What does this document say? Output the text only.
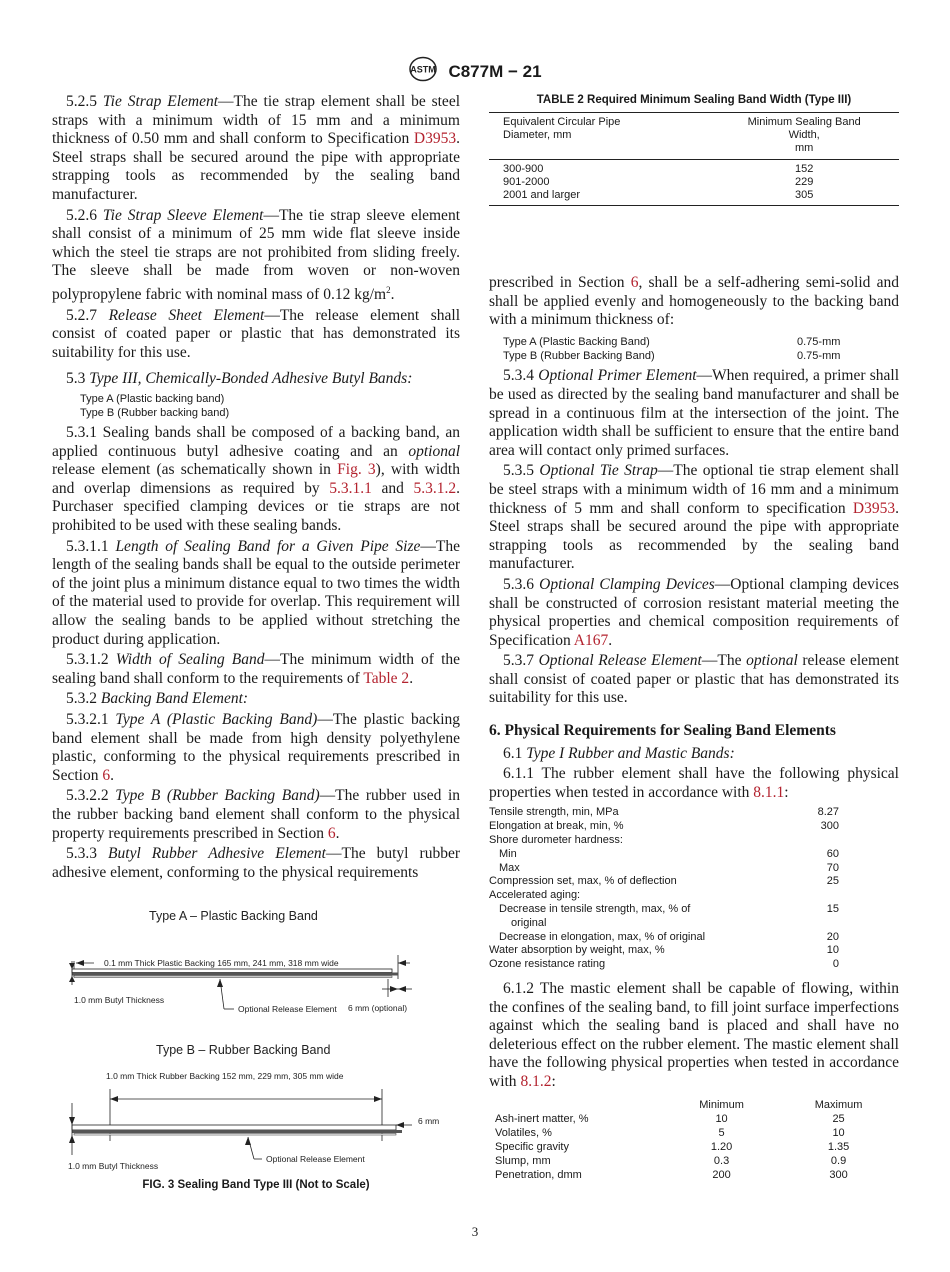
ASTM C877M − 21

5.2.5 Tie Strap Element—The tie strap element shall be steel straps with a minimum width of 15 mm and a minimum thickness of 0.50 mm and shall conform to Specification D3953. Steel straps shall be secured around the pipe with appropriate strapping tools as recommended by the sealing band manufacturer.

5.2.6 Tie Strap Sleeve Element—The tie strap sleeve element shall consist of a minimum of 25 mm wide flat sleeve inside which the steel tie straps are not prohibited from sliding freely. The sleeve shall be made from woven or non-woven polypropylene fabric with nominal mass of 0.12 $kg/m^2$.

5.2.7 Release Sheet Element—The release element shall consist of coated paper or plastic that has demonstrated its suitability for this use.

5.3 Type III, Chemically-Bonded Adhesive Butyl Bands:

Type A (Plastic backing band)
Type B (Rubber backing band)

5.3.1 Sealing bands shall be composed of a backing band, an applied continuous butyl adhesive coating and an optional release element (as schematically shown in Fig. 3), with width and overlap dimensions as required by 5.3.1.1 and 5.3.1.2. Purchaser specified clamping devices or tie straps are not prohibited to be used with these sealing bands.

5.3.1.1 Length of Sealing Band for a Given Pipe Size—The length of the sealing bands shall be equal to the outside perimeter of the joint plus a minimum distance equal to two times the width of the material used to provide for overlap. This requirement will allow the sealing bands to be applied without stretching the product during application.

5.3.1.2 Width of Sealing Band—The minimum width of the sealing band shall conform to the requirements of Table 2.

5.3.2 Backing Band Element:

5.3.2.1 Type A (Plastic Backing Band)—The plastic backing band element shall be made from high density polyethylene plastic, conforming to the physical requirements prescribed in Section 6.

5.3.2.2 Type B (Rubber Backing Band)—The rubber used in the rubber backing band element shall conform to the physical property requirements prescribed in Section 6.

5.3.3 Butyl Rubber Adhesive Element—The butyl rubber adhesive element, conforming to the physical requirements

TABLE 2 Required Minimum Sealing Band Width (Type III)
Equivalent Circular Pipe
Diameter, mm	Minimum Sealing Band
Width,
mm
300-900	152
901-2000	229
2001 and larger	305

prescribed in Section 6, shall be a self-adhering semi-solid and shall be applied evenly and homogeneously to the backing band with a minimum thickness of:

Type A (Plastic Backing Band)	0.75-mm
Type B (Rubber Backing Band)	0.75-mm

5.3.4 Optional Primer Element—When required, a primer shall be used as directed by the sealing band manufacturer and shall be spread in a continuous film at the intersection of the joint. The application width shall be sufficient to ensure that the entire band area will contact only primed surfaces.

5.3.5 Optional Tie Strap—The optional tie strap element shall be steel straps with a minimum width of 16 mm and a minimum thickness of 5 mm and shall conform to specification D3953. Steel straps shall be secured around the pipe with appropriate strapping tools as recommended by the sealing band manufacturer.

5.3.6 Optional Clamping Devices—Optional clamping devices shall be constructed of corrosion resistant material meeting the physical properties and chemical composition requirements of Specification A167.

5.3.7 Optional Release Element—The optional release element shall consist of coated paper or plastic that has demonstrated its suitability for this use.

6. Physical Requirements for Sealing Band Elements

6.1 Type I Rubber and Mastic Bands:

6.1.1 The rubber element shall have the following physical properties when tested in accordance with 8.1.1:

Tensile strength, min, MPa	8.27
Elongation at break, min, %	300
Shore durometer hardness:	
Min	60
Max	70
Compression set, max, % of deflection	25
Accelerated aging:	
Decrease in tensile strength, max, % of	15
original	
Decrease in elongation, max, % of original	20
Water absorption by weight, max, %	10
Ozone resistance rating	0

6.1.2 The mastic element shall be capable of flowing, within the confines of the sealing band, to fill joint surface imperfections against which the sealing band is placed and shall have no deleterious effect on the rubber element. The mastic element shall have the following physical properties when tested in accordance with 8.1.2:

	Minimum	Maximum
Ash-inert matter, %	10	25
Volatiles, %	5	10
Specific gravity	1.20	1.35
Slump, mm	0.3	0.9
Penetration, dmm	200	300
Type A – Plastic Backing Band
0.1 mm Thick Plastic Backing 165 mm, 241 mm, 318 mm wide
1.0 mm Butyl Thickness
Optional Release Element 6 mm (optional)
Type B – Rubber Backing Band
1.0 mm Thick Rubber Backing 152 mm, 229 mm, 305 mm wide
6 mm
1.0 mm Butyl Thickness
Optional Release Element
FIG. 3 Sealing Band Type III (Not to Scale)
3
